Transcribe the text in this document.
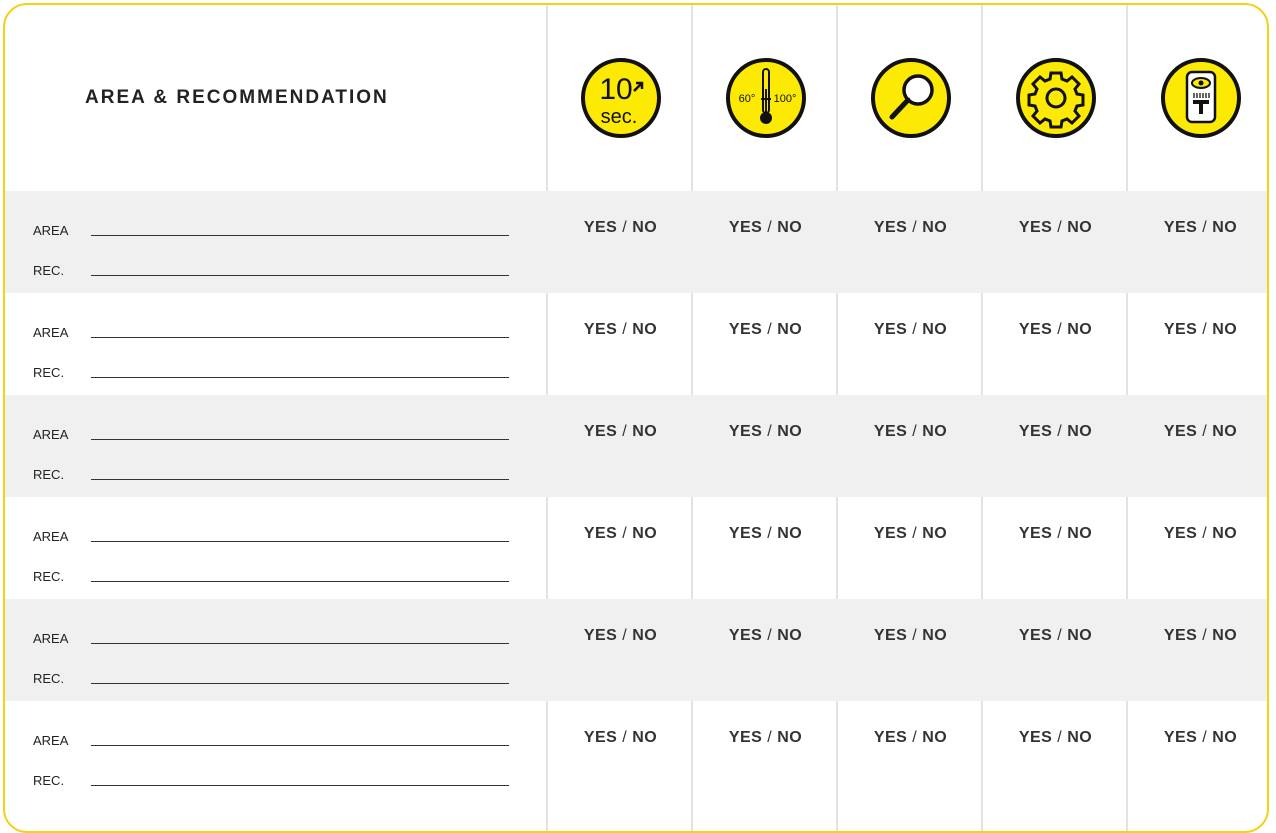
AREA & RECOMMENDATION	10
sec.
60° 100°
AREA
REC.
YES / NO	YES / NO	YES / NO	YES / NO	YES / NO
AREA
REC.
YES / NO	YES / NO	YES / NO	YES / NO	YES / NO
AREA
REC.
YES / NO	YES / NO	YES / NO	YES / NO	YES / NO
AREA
REC.
YES / NO	YES / NO	YES / NO	YES / NO	YES / NO
AREA
REC.
YES / NO	YES / NO	YES / NO	YES / NO	YES / NO
AREA
REC.
YES / NO	YES / NO	YES / NO	YES / NO	YES / NO
